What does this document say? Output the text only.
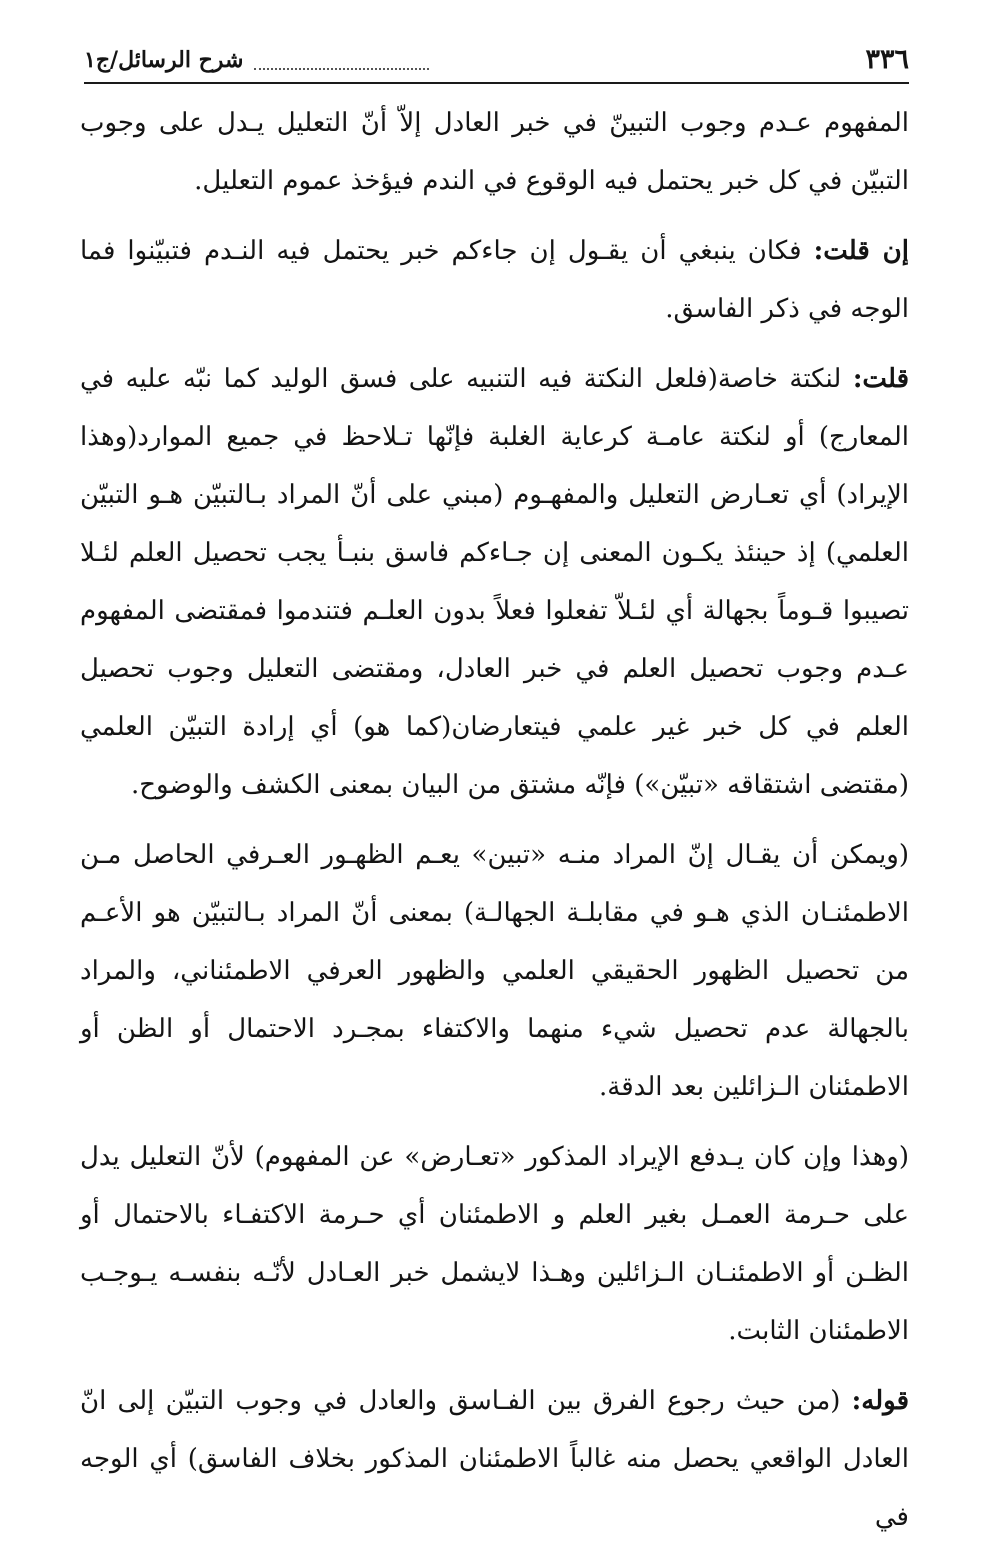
٣٣٦
شرح الرسائل/ج١

المفهوم عـدم وجوب التبينّ في خبر العادل إلاّ أنّ التعليل يـدل على وجوب التبيّن في كل خبر يحتمل فيه الوقوع في الندم فيؤخذ عموم التعليل.

إن قلت: فكان ينبغي أن يقـول إن جاءكم خبر يحتمل فيه النـدم فتبيّنوا فما الوجه في ذكر الفاسق.

قلت: لنكتة خاصة(فلعل النكتة فيه التنبيه على فسق الوليد كما نبّه عليه في المعارج) أو لنكتة عامـة كرعاية الغلبة فإنّها تـلاحظ في جميع الموارد(وهذا الإيراد) أي تعـارض التعليل والمفهـوم (مبني على أنّ المراد بـالتبيّن هـو التبيّن العلمي) إذ حينئذ يكـون المعنى إن جـاءكم فاسق بنبـأ يجب تحصيل العلم لئـلا تصيبوا قـوماً بجهالة أي لئـلاّ تفعلوا فعلاً بدون العلـم فتندموا فمقتضى المفهوم عـدم وجوب تحصيل العلم في خبر العادل، ومقتضى التعليل وجوب تحصيل العلم في كل خبر غير علمي فيتعارضان(كما هو) أي إرادة التبيّن العلمي (مقتضى اشتقاقه «تبيّن») فإنّه مشتق من البيان بمعنى الكشف والوضوح.

(ويمكن أن يقـال إنّ المراد منـه «تبين» يعـم الظهـور العـرفي الحاصل مـن الاطمئنـان الذي هـو في مقابلـة الجهالـة) بمعنى أنّ المراد بـالتبيّن هو الأعـم من تحصيل الظهور الحقيقي العلمي والظهور العرفي الاطمئناني، والمراد بالجهالة عدم تحصيل شيء منهما والاكتفاء بمجـرد الاحتمال أو الظن أو الاطمئنان الـزائلين بعد الدقة.

(وهذا وإن كان يـدفع الإيراد المذكور «تعـارض» عن المفهوم) لأنّ التعليل يدل على حـرمة العمـل بغير العلم و الاطمئنان أي حـرمة الاكتفـاء بالاحتمال أو الظـن أو الاطمئنـان الـزائلين وهـذا لايشمل خبر العـادل لأنّـه بنفسـه يـوجـب الاطمئنان الثابت.

قوله: (من حيث رجوع الفرق بين الفـاسق والعادل في وجوب التبيّن إلى انّ العادل الواقعي يحصل منه غالباً الاطمئنان المذكور بخلاف الفاسق) أي الوجه في
